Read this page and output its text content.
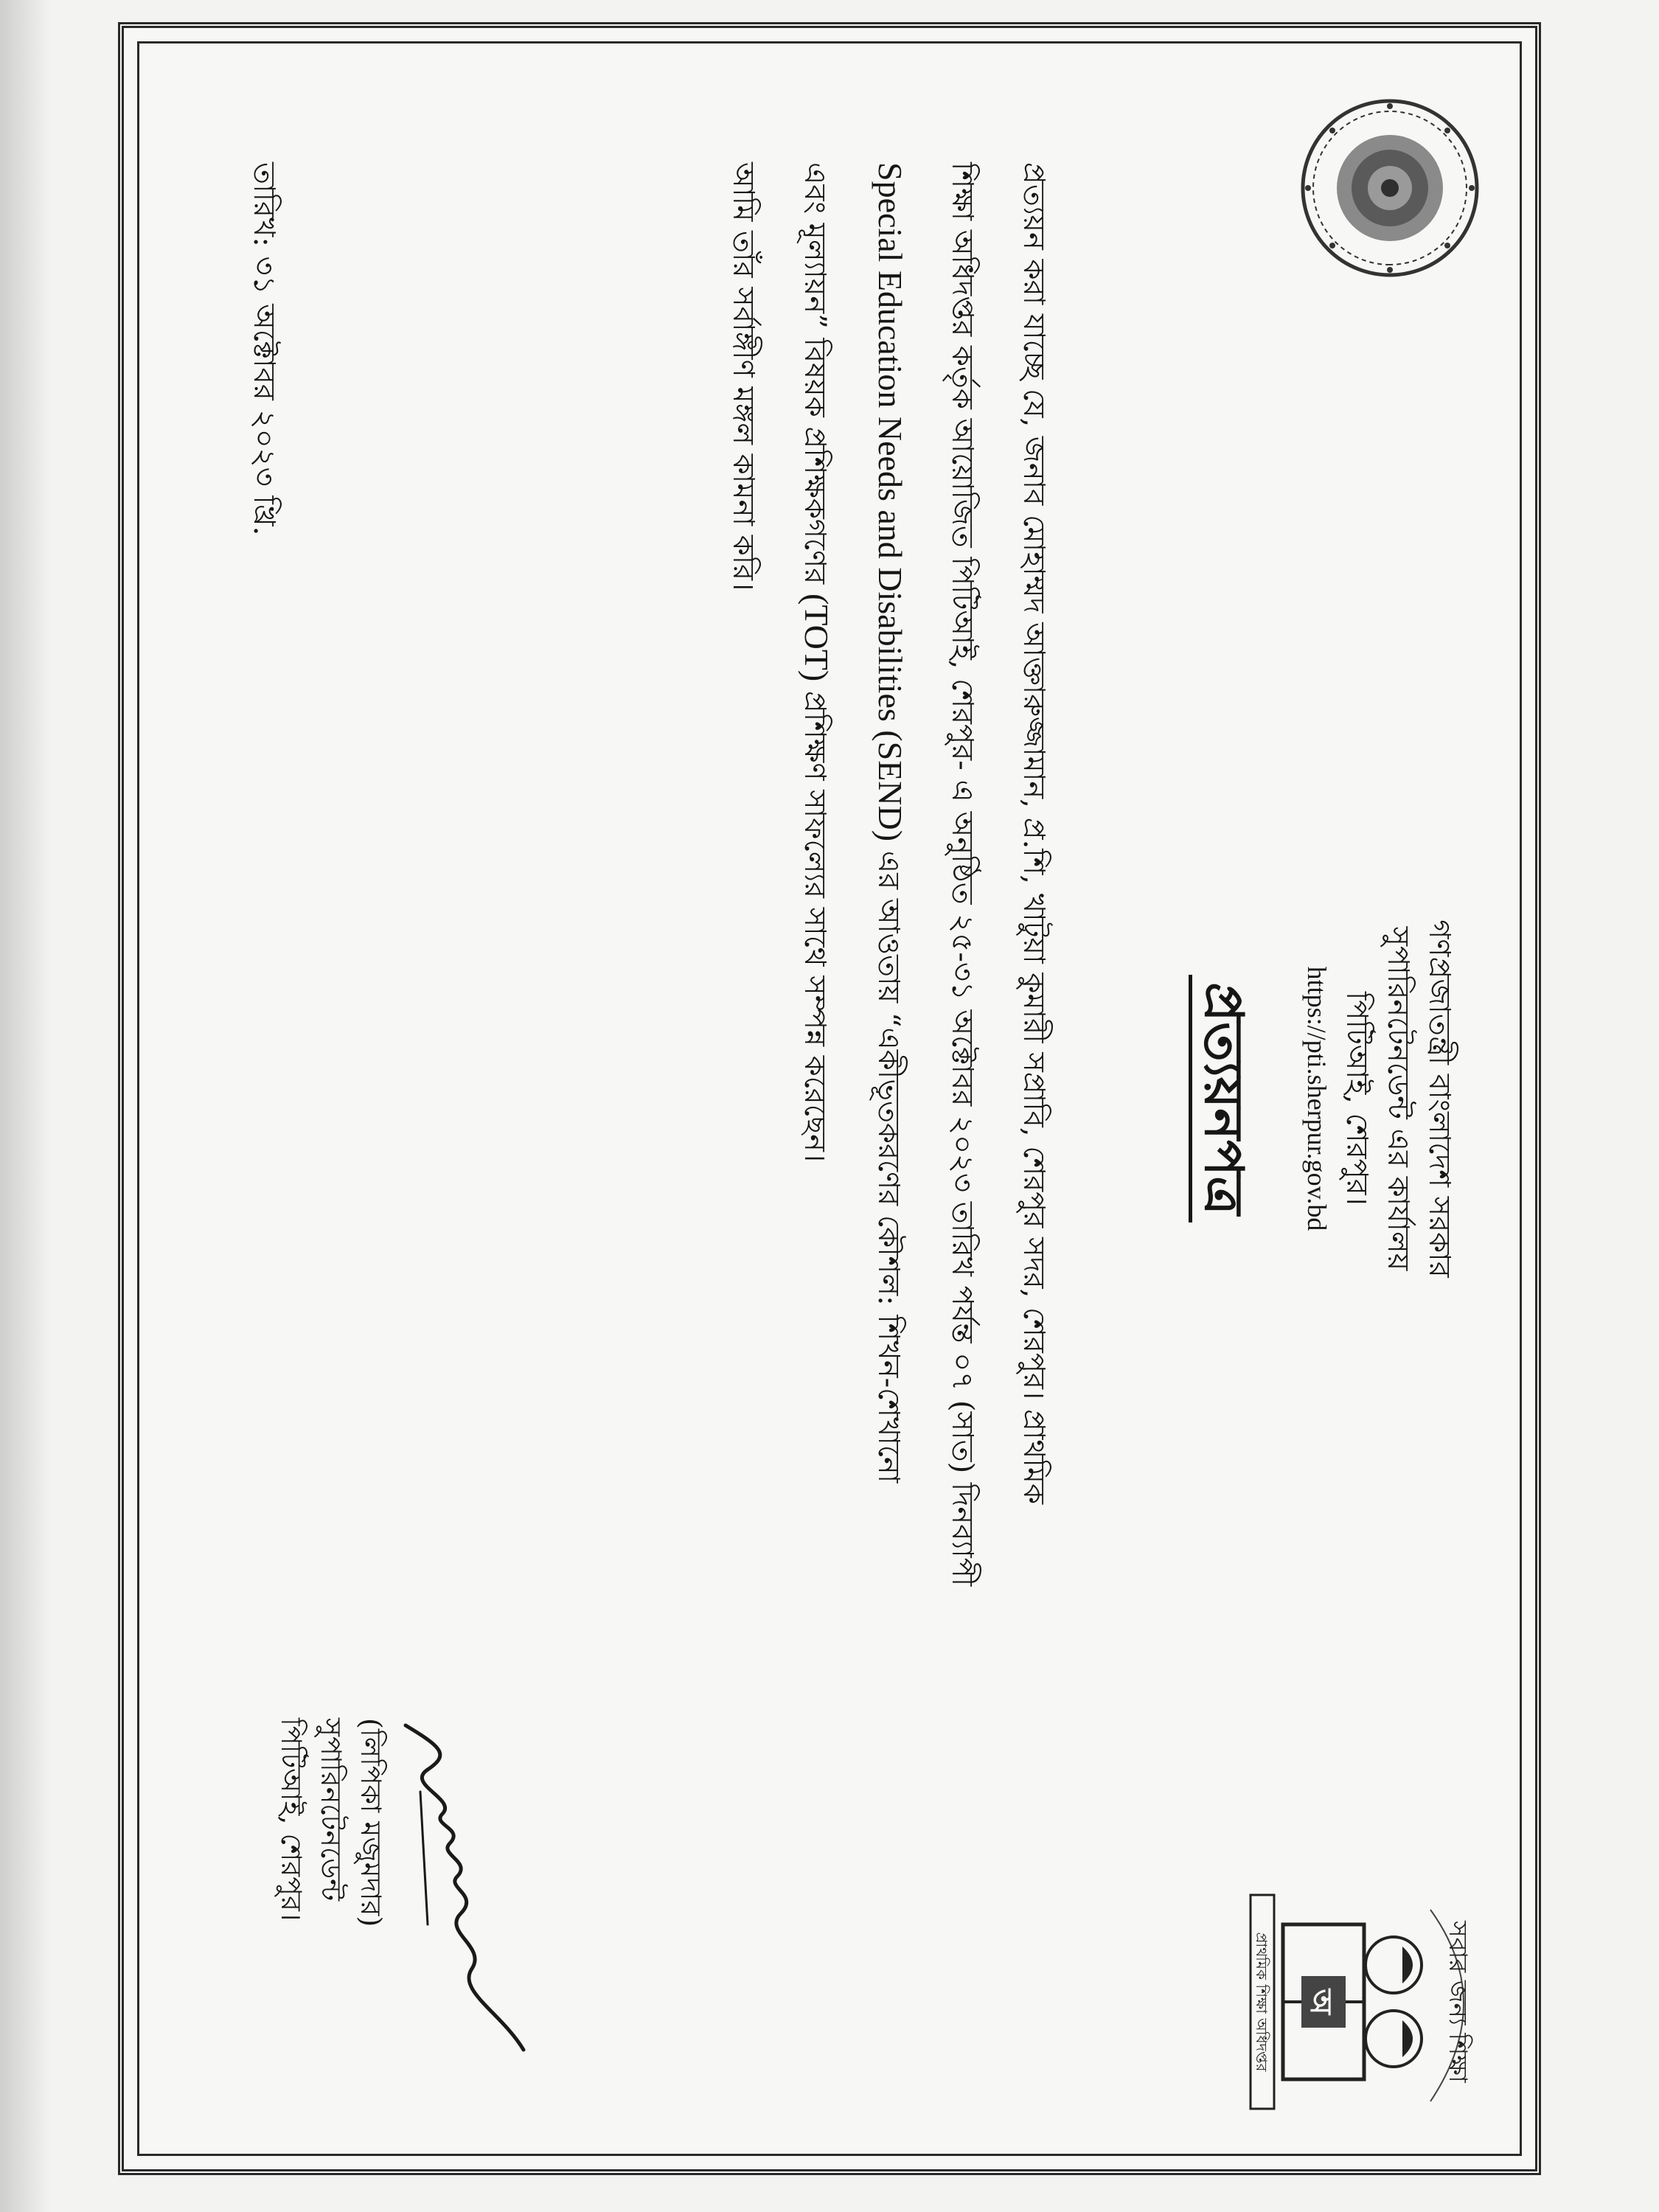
সবার জন্য শিক্ষা
অ
প্রাথমিক শিক্ষা অধিদপ্তর
গণপ্রজাতন্ত্রী বাংলাদেশ সরকার
সুপারিনটেনডেন্ট এর কার্যালয়
পিটিআই, শেরপুর।
https://pti.sherpur.gov.bd
প্রত্যয়নপত্র

প্রত্যয়ন করা যাচ্ছে যে, জনাব মোহাম্মদ আক্তারুজ্জামান, প্র.শি, খাটুয়া কুমারী সপ্রাবি, শেরপুর সদর, শেরপুর। প্রাথমিক

শিক্ষা অধিদপ্তর কর্তৃক আয়োজিত পিটিআই, শেরপুর- এ অনুষ্ঠিত ২৫-৩১ অক্টোবর ২০২৩ তারিখ পর্যন্ত ০৭ (সাত) দিনব্যাপী

Special Education Needs and Disabilities (SEND) এর আওতায় “একীভূতকরণের কৌশল: শিখন-শেখানো

এবং মূল্যায়ন” বিষয়ক প্রশিক্ষকগণের (TOT) প্রশিক্ষণ সাফল্যের সাথে সম্পন্ন করেছেন।

আমি তাঁর সর্বাঙ্গীণ মঙ্গল কামনা করি।

(লিপিকা মজুমদার)
সুপারিনটেনডেন্ট
পিটিআই, শেরপুর।
তারিখ: ৩১ অক্টোবর ২০২৩ খ্রি.
